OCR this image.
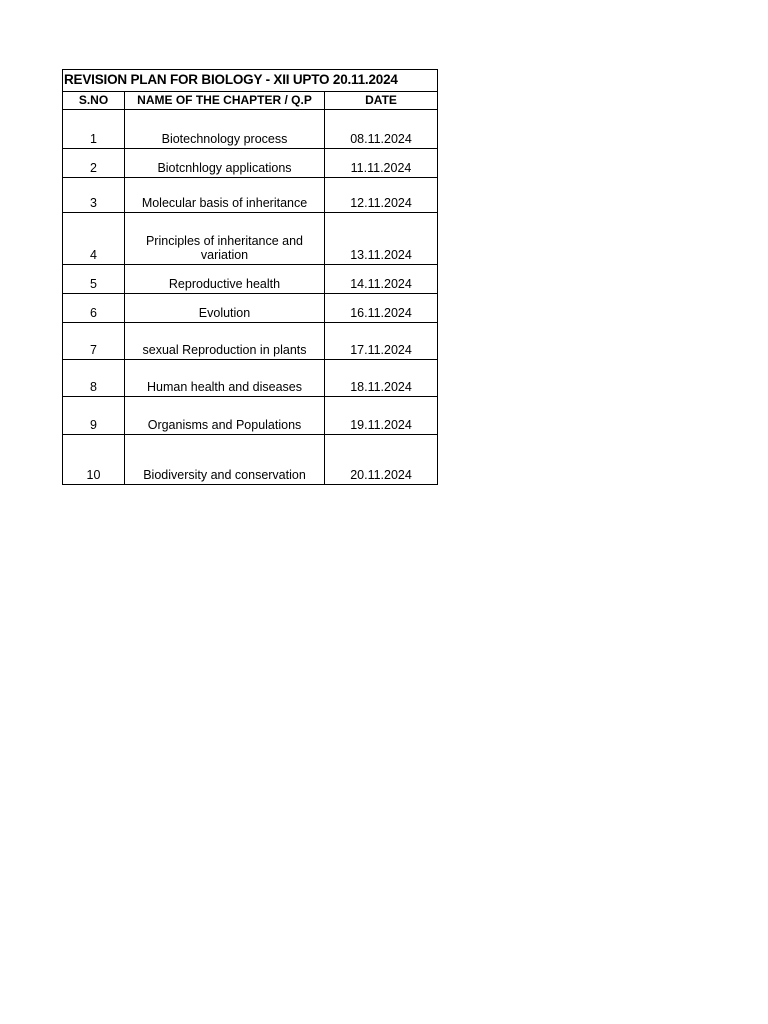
REVISION PLAN FOR BIOLOGY - XII UPTO 20.11.2024		
S.NO	NAME OF THE CHAPTER / Q.P	DATE
1	Biotechnology process	08.11.2024
2	Biotcnhlogy applications	11.11.2024
3	Molecular basis of inheritance	12.11.2024
4	Principles of inheritance and variation	13.11.2024
5	Reproductive health	14.11.2024
6	Evolution	16.11.2024
7	sexual Reproduction in plants	17.11.2024
8	Human health and diseases	18.11.2024
9	Organisms and Populations	19.11.2024
10	Biodiversity and conservation	20.11.2024
